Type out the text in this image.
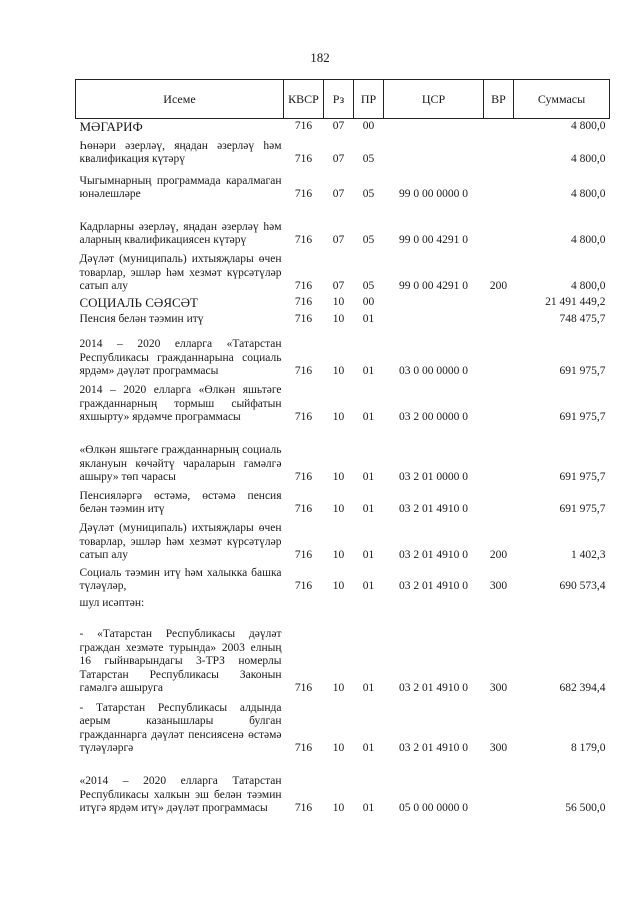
182
Исеме	КВСР	Рз	ПР	ЦСР	ВР	Суммасы
МӘГАРИФ	716	07	00			4 800,0
Һөнәри әзерләү, яңадан әзерләү һәм квалификация күтәрү	716	07	05			4 800,0
Чыгымнарның программада каралмаган юнәлешләре	716	07	05	99 0 00 0000 0		4 800,0
Кадрларны әзерләү, яңадан әзерләү һәм аларның квалификациясен күтәрү	716	07	05	99 0 00 4291 0		4 800,0
Дәүләт (муниципаль) ихтыяҗлары өчен товарлар, эшләр һәм хезмәт күрсәтүләр сатып алу	716	07	05	99 0 00 4291 0	200	4 800,0
СОЦИАЛЬ СӘЯСӘТ	716	10	00			21 491 449,2
Пенсия белән тәэмин итү	716	10	01			748 475,7
2014 – 2020 елларга «Татарстан Республикасы гражданнарына социаль ярдәм» дәүләт программасы	716	10	01	03 0 00 0000 0		691 975,7
2014 – 2020 елларга «Өлкән яшьтәге гражданнарның тормыш сыйфатын яхшырту» ярдәмче программасы	716	10	01	03 2 00 0000 0		691 975,7
«Өлкән яшьтәге гражданнарның социаль яклануын көчәйтү чараларын гамәлгә ашыру» төп чарасы	716	10	01	03 2 01 0000 0		691 975,7
Пенсияләргә өстәмә, өстәмә пенсия белән тәэмин итү	716	10	01	03 2 01 4910 0		691 975,7
Дәүләт (муниципаль) ихтыяҗлары өчен товарлар, эшләр һәм хезмәт күрсәтүләр сатып алу	716	10	01	03 2 01 4910 0	200	1 402,3
Социаль тәэмин итү һәм халыкка башка түләүләр,	716	10	01	03 2 01 4910 0	300	690 573,4
шул исәптән:						
- «Татарстан Республикасы дәүләт граждан хезмәте турында» 2003 елның 16 гыйнварындагы 3-ТРЗ номерлы Татарстан Республикасы Законын гамәлгә ашыруга	716	10	01	03 2 01 4910 0	300	682 394,4
- Татарстан Республикасы алдында аерым казанышлары булган гражданнарга дәүләт пенсиясенә өстәмә түләүләргә	716	10	01	03 2 01 4910 0	300	8 179,0
«2014 – 2020 елларга Татарстан Республикасы халкын эш белән тәэмин итүгә ярдәм итү» дәүләт программасы	716	10	01	05 0 00 0000 0		56 500,0
